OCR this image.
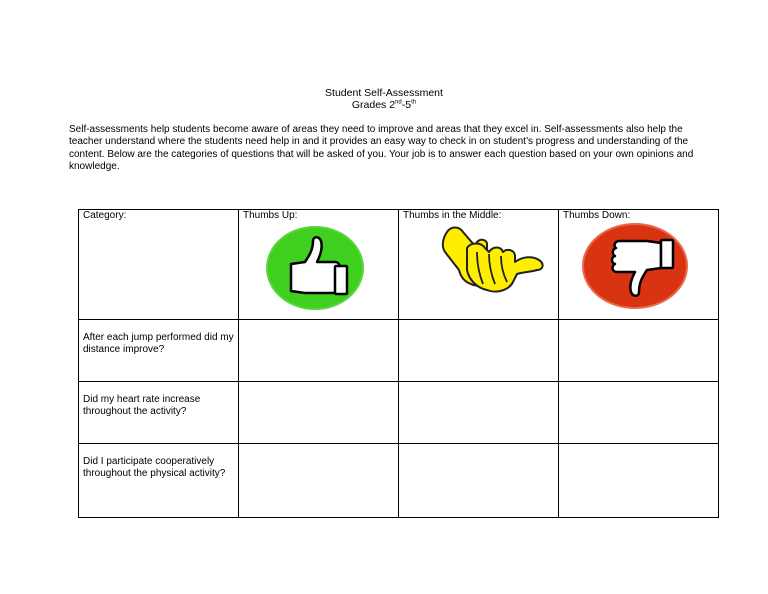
Student Self-Assessment
Grades 2nd-5th

Self-assessments help students become aware of areas they need to improve and areas that they excel in. Self-assessments also help the teacher understand where the students need help in and it provides an easy way to check in on student’s progress and understanding of the content. Below are the categories of questions that will be asked of you. Your job is to answer each question based on your own opinions and knowledge.

Category:	Thumbs Up:	Thumbs in the Middle:	Thumbs Down:

After each jump performed did my distance improve?			

Did my heart rate increase throughout the activity?			

Did I participate cooperatively throughout the physical activity?			
